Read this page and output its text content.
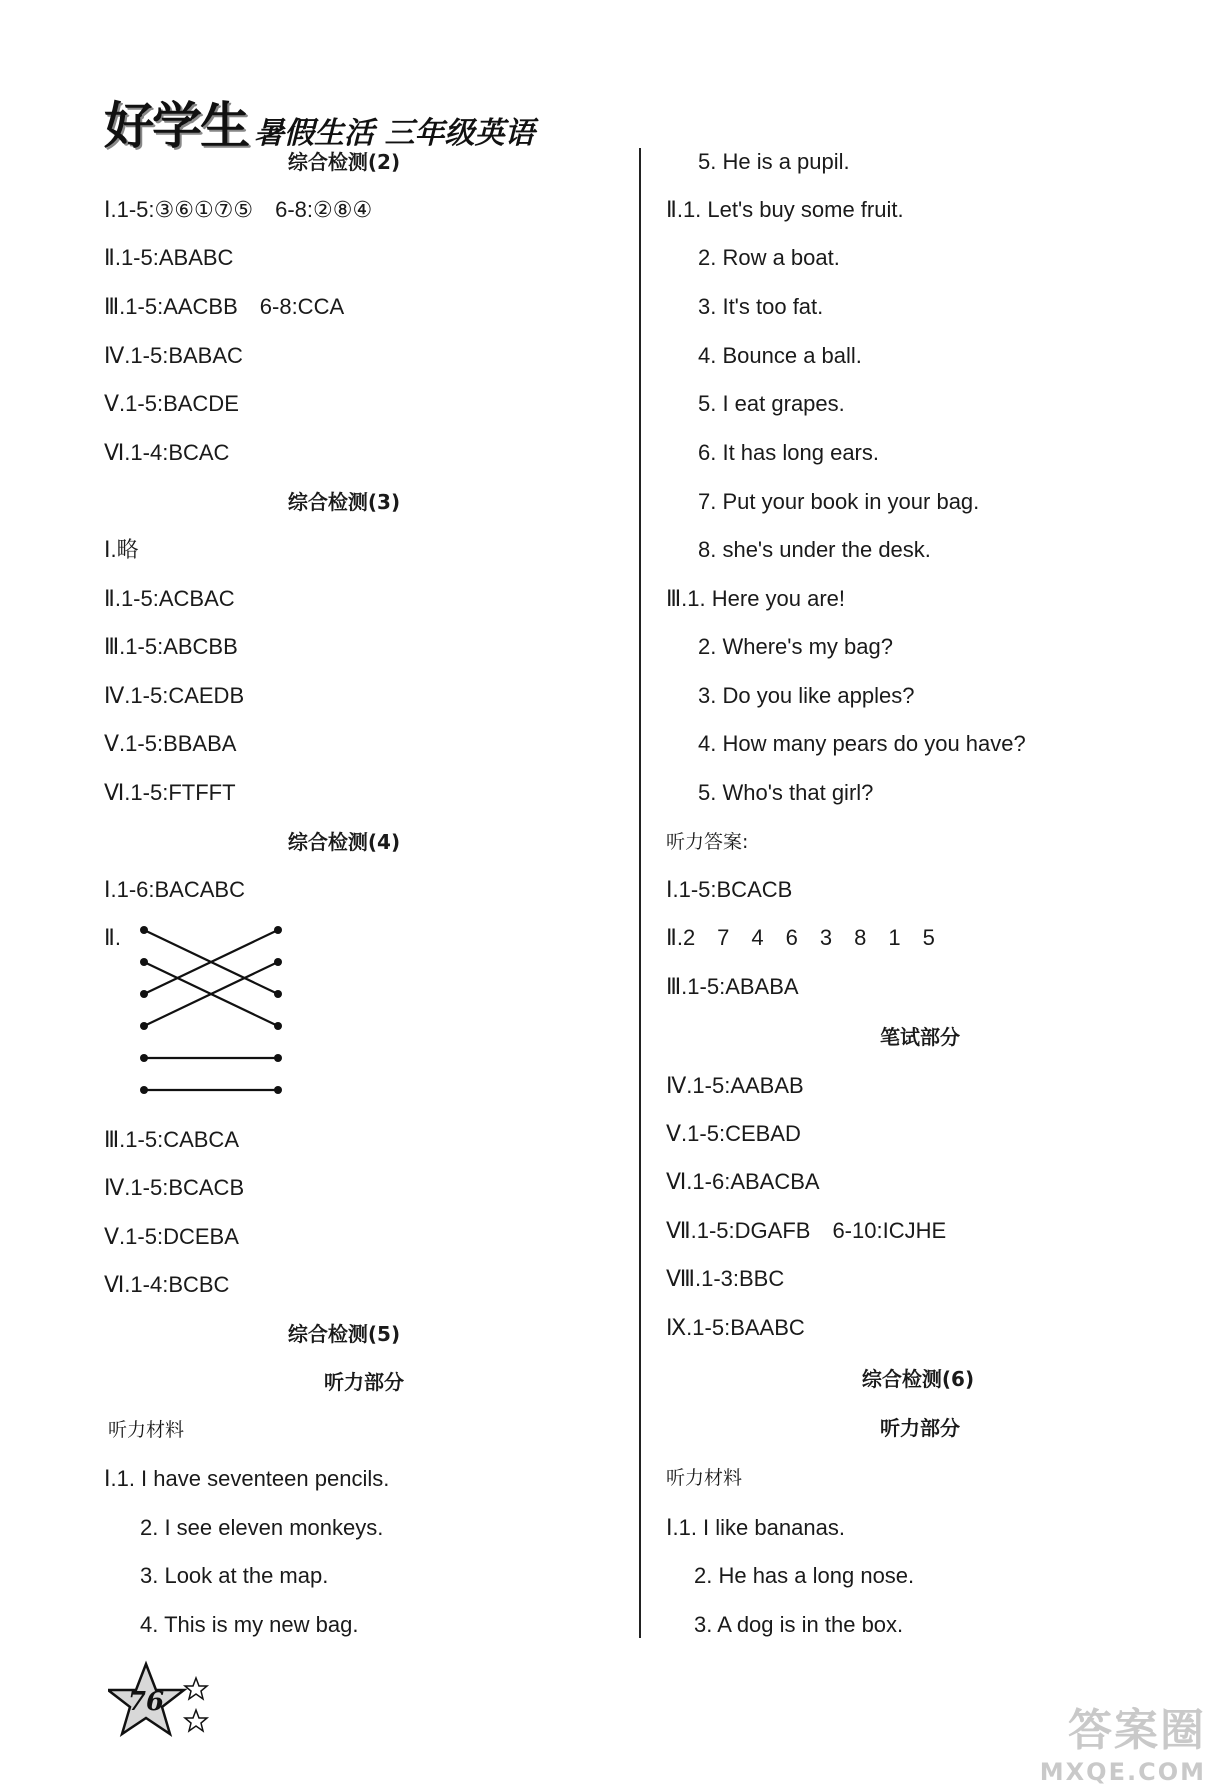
好学生 暑假生活 三年级英语
综合检测(2)
Ⅰ.1-5:③⑥①⑦⑤　6-8:②⑧④
Ⅱ.1-5:ABABC
Ⅲ.1-5:AACBB　6-8:CCA
Ⅳ.1-5:BABAC
Ⅴ.1-5:BACDE
Ⅵ.1-4:BCAC
综合检测(3)
Ⅰ.略
Ⅱ.1-5:ACBAC
Ⅲ.1-5:ABCBB
Ⅳ.1-5:CAEDB
Ⅴ.1-5:BBABA
Ⅵ.1-5:FTFFT
综合检测(4)
Ⅰ.1-6:BACABC
Ⅱ.
Ⅲ.1-5:CABCA
Ⅳ.1-5:BCACB
Ⅴ.1-5:DCEBA
Ⅵ.1-4:BCBC
综合检测(5)
听力部分
听力材料
Ⅰ.1. I have seventeen pencils.
2. I see eleven monkeys.
3. Look at the map.
4. This is my new bag.
76
5. He is a pupil.
Ⅱ.1. Let's buy some fruit.
2. Row a boat.
3. It's too fat.
4. Bounce a ball.
5. I eat grapes.
6. It has long ears.
7. Put your book in your bag.
8. she's under the desk.
Ⅲ.1. Here you are!
2. Where's my bag?
3. Do you like apples?
4. How many pears do you have?
5. Who's that girl?
听力答案:
Ⅰ.1-5:BCACB
Ⅱ.2　7　4　6　3　8　1　5
Ⅲ.1-5:ABABA
笔试部分
Ⅳ.1-5:AABAB
Ⅴ.1-5:CEBAD
Ⅵ.1-6:ABACBA
Ⅶ.1-5:DGAFB　6-10:ICJHE
Ⅷ.1-3:BBC
Ⅸ.1-5:BAABC
综合检测(6)
听力部分
听力材料
Ⅰ.1. I like bananas.
2. He has a long nose.
3. A dog is in the box.
答案圈
MXQE.COM
